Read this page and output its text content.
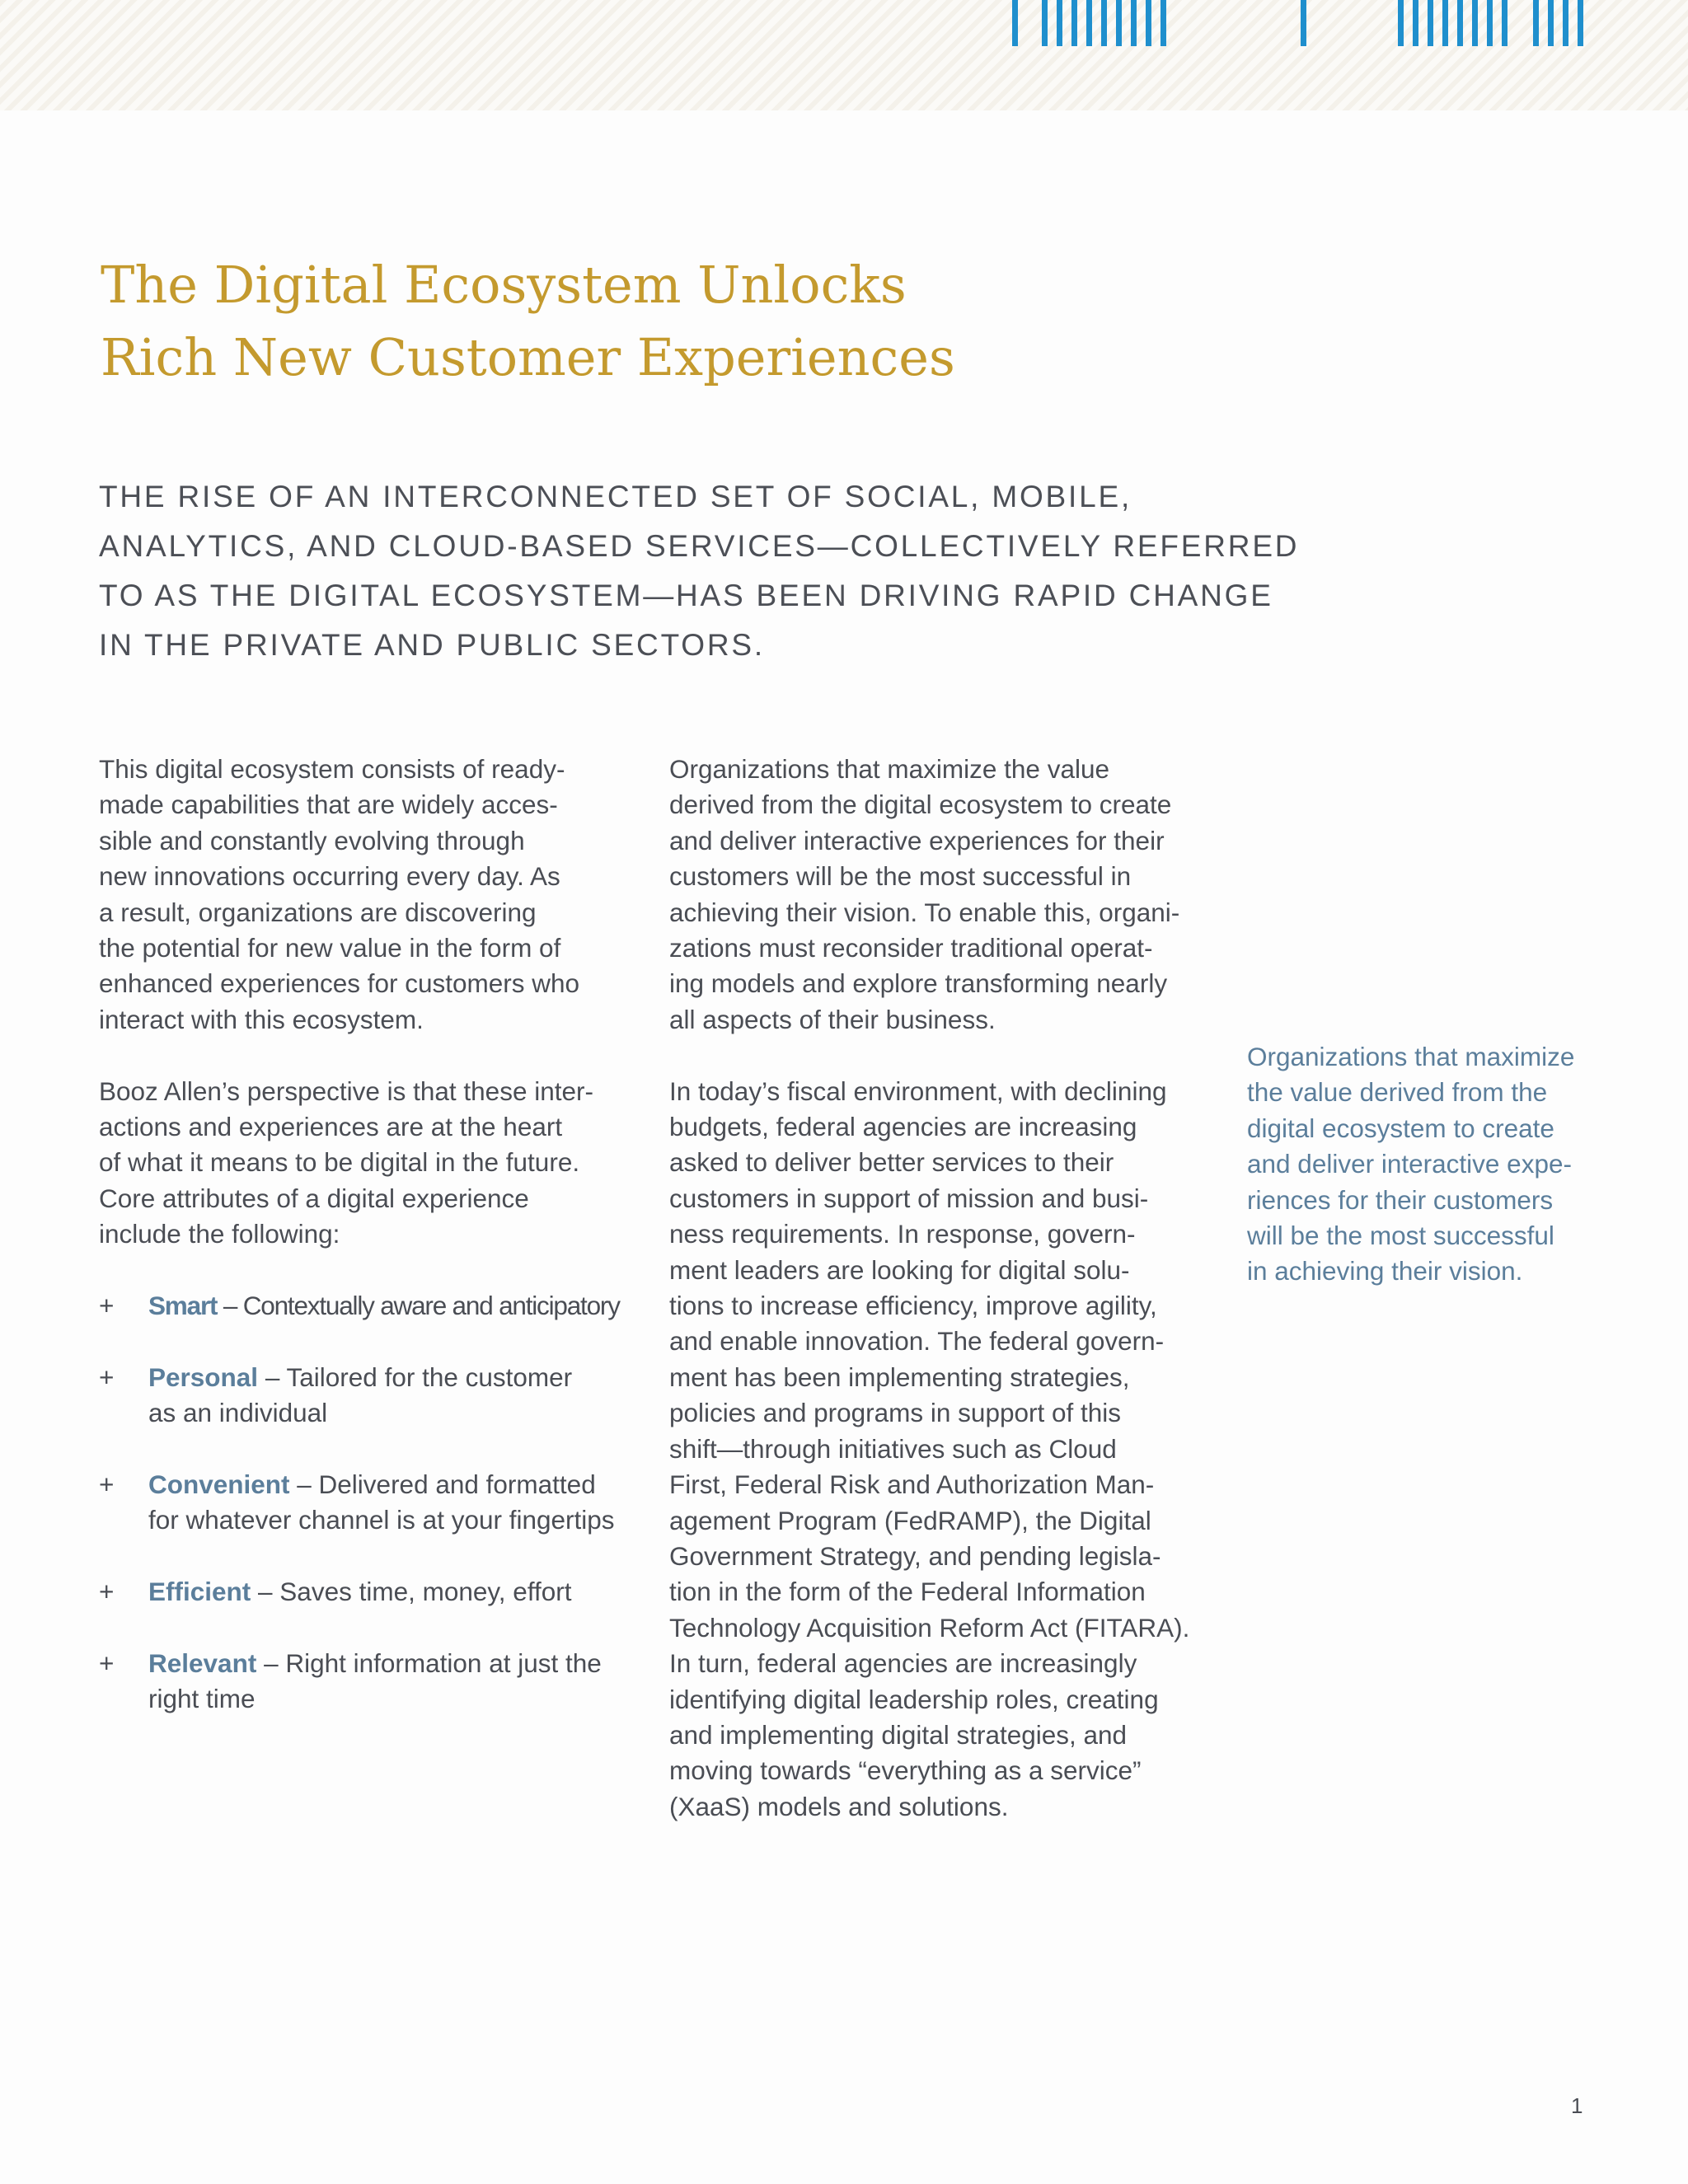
The Digital Ecosystem Unlocks
Rich New Customer Experiences
THE RISE OF AN INTERCONNECTED SET OF SOCIAL, MOBILE,
ANALYTICS, AND CLOUD-BASED SERVICES—COLLECTIVELY REFERRED
TO AS THE DIGITAL ECOSYSTEM—HAS BEEN DRIVING RAPID CHANGE
IN THE PRIVATE AND PUBLIC SECTORS.
This digital ecosystem consists of ready-
made capabilities that are widely acces-
sible and constantly evolving through
new innovations occurring every day. As
a result, organizations are discovering
the potential for new value in the form of
enhanced experiences for customers who
interact with this ecosystem.
Booz Allen’s perspective is that these inter-
actions and experiences are at the heart
of what it means to be digital in the future.
Core attributes of a digital experience
include the following:
+ Smart – Contextually aware and anticipatory
+ Personal – Tailored for the customer
as an individual
+ Convenient – Delivered and formatted
for whatever channel is at your fingertips
+ Efficient – Saves time, money, effort
+ Relevant – Right information at just the
right time
Organizations that maximize the value
derived from the digital ecosystem to create
and deliver interactive experiences for their
customers will be the most successful in
achieving their vision. To enable this, organi-
zations must reconsider traditional operat-
ing models and explore transforming nearly
all aspects of their business.
In today’s fiscal environment, with declining
budgets, federal agencies are increasing
asked to deliver better services to their
customers in support of mission and busi-
ness requirements. In response, govern-
ment leaders are looking for digital solu-
tions to increase efficiency, improve agility,
and enable innovation. The federal govern-
ment has been implementing strategies,
policies and programs in support of this
shift—through initiatives such as Cloud
First, Federal Risk and Authorization Man-
agement Program (FedRAMP), the Digital
Government Strategy, and pending legisla-
tion in the form of the Federal Information
Technology Acquisition Reform Act (FITARA).
In turn, federal agencies are increasingly
identifying digital leadership roles, creating
and implementing digital strategies, and
moving towards “everything as a service”
(XaaS) models and solutions.
Organizations that maximize
the value derived from the
digital ecosystem to create
and deliver interactive expe-
riences for their customers
will be the most successful
in achieving their vision.
1
